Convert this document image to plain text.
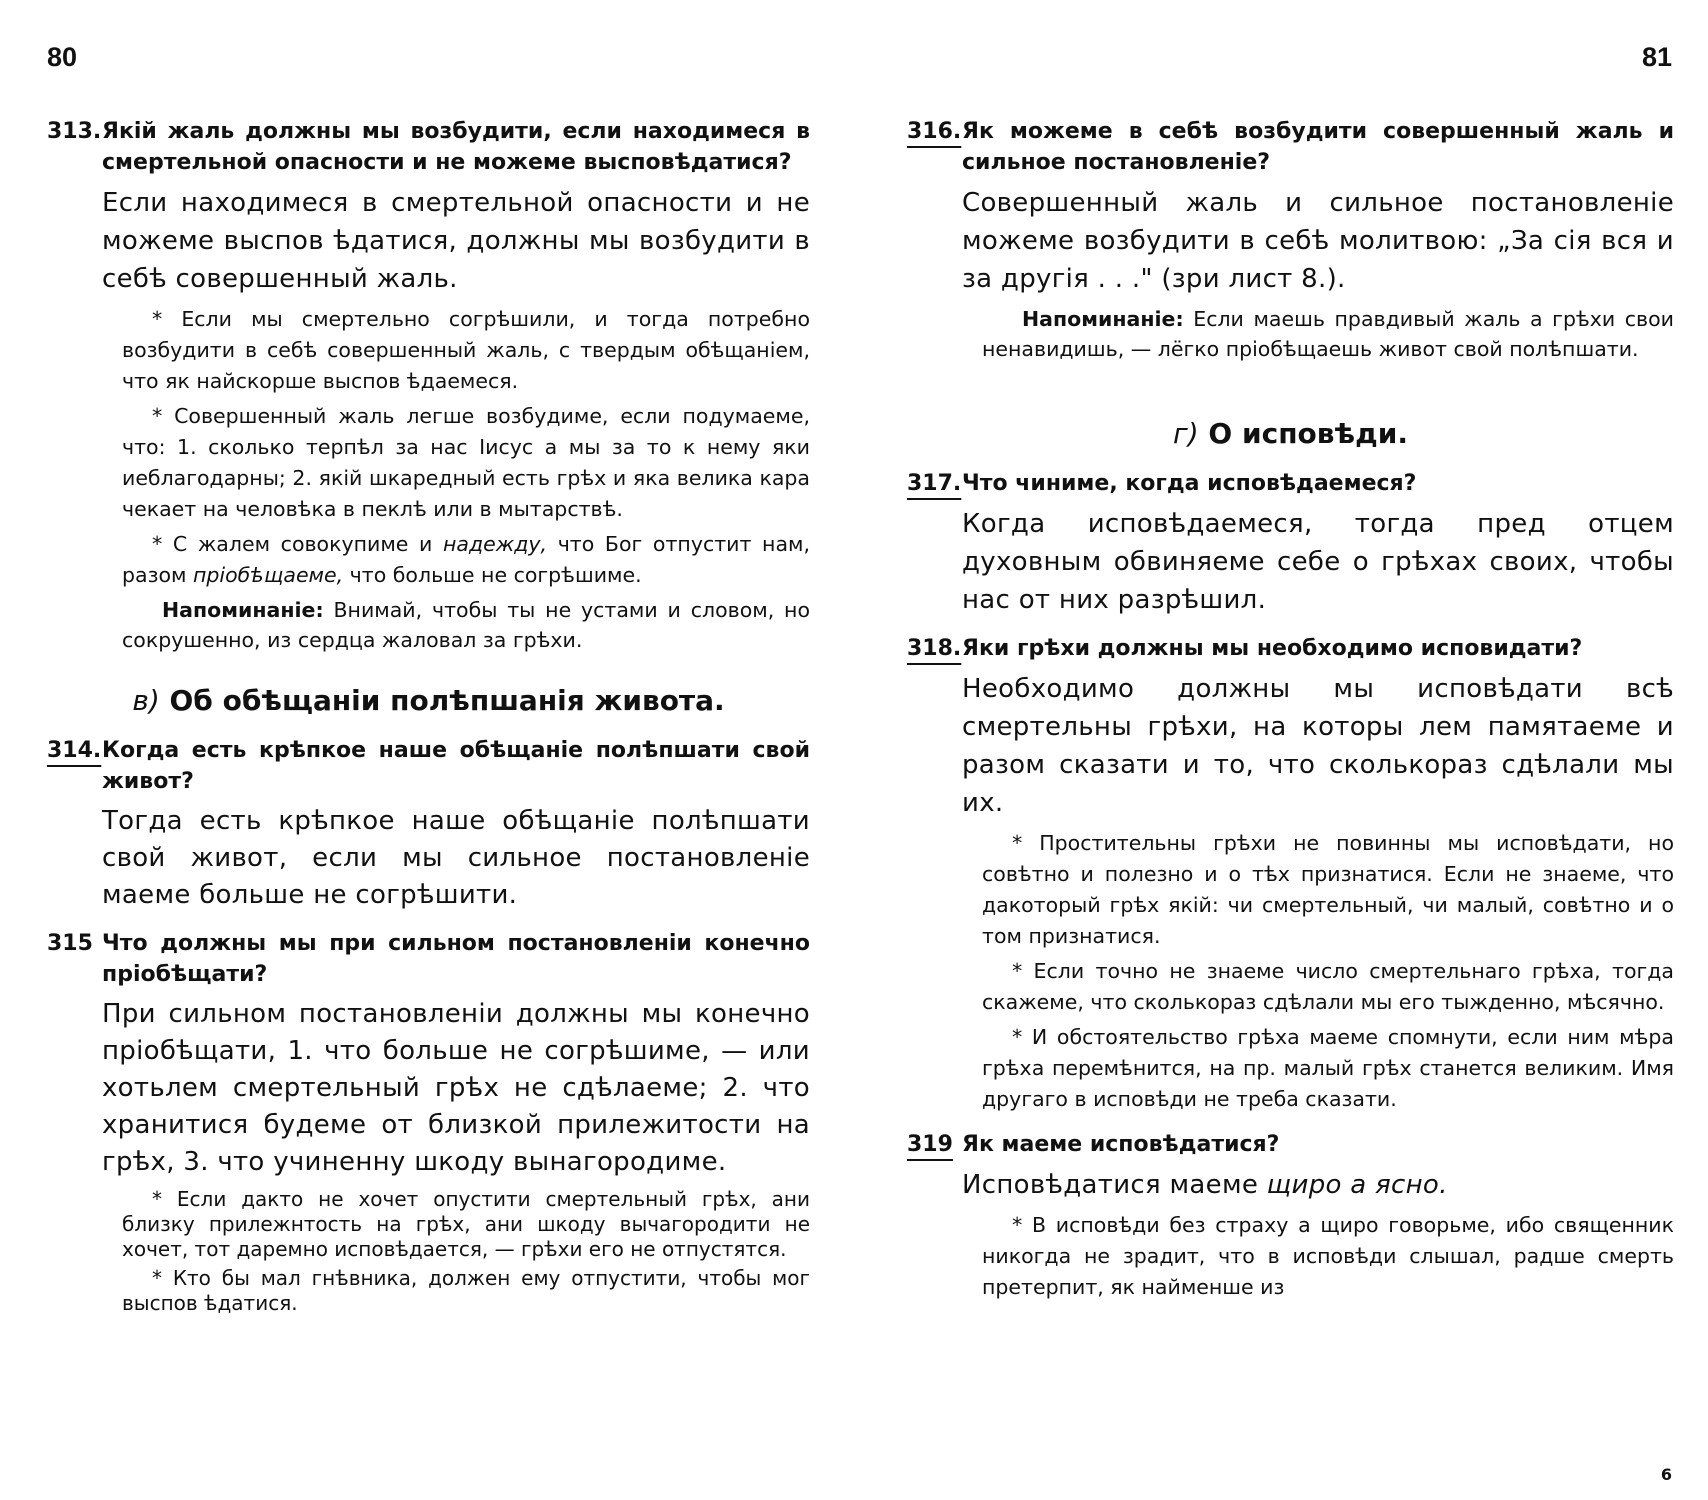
80

313. Якій жаль должны мы возбудити, если находимеся в смертельной опасности и не можеме высповѣдатися?

Если находимеся в смертельной опасности и не можеме выспов ѣдатися, должны мы возбудити в себѣ совершенный жаль.

* Если мы смертельно согрѣшили, и тогда потребно возбудити в себѣ совершенный жаль, с твердым обѣщаніем, что як найскорше выспов ѣдаемеся.

* Совершенный жаль легше возбудиме, если подумаеме, что: 1. сколько терпѣл за нас Іисус а мы за то к нему яки иеблагодарны; 2. якій шкаредный есть грѣх и яка велика кара чекает на человѣка в пеклѣ или в мытарствѣ.

* С жалем совокупиме и надежду, что Бог отпустит нам, разом пріобѣщаеме, что больше не согрѣшиме.

Напоминаніе: Внимай, чтобы ты не устами и словом, но сокрушенно, из сердца жаловал за грѣхи.

в) Об обѣщаніи полѣпшанія живота.

314. Когда есть крѣпкое наше обѣщаніе полѣпшати свой живот?

Тогда есть крѣпкое наше обѣщаніе полѣпшати свой живот, если мы сильное постановленіе маеме больше не согрѣшити.

315 Что должны мы при сильном постановленіи конечно пріобѣщати?

При сильном постановленіи должны мы конечно пріобѣщати, 1. что больше не согрѣшиме, — или хотьлем смертельный грѣх не сдѣлаеме; 2. что хранитися будеме от близкой прилежитости на грѣх, 3. что учиненну шкоду вынагородиме.

* Если дакто не хочет опустити смертельный грѣх, ани близку прилежнтость на грѣх, ани шкоду вычагородити не хочет, тот даремно исповѣдается, — грѣхи его не отпустятся.

* Кто бы мал гнѣвника, должен ему отпустити, чтобы мог выспов ѣдатися.

81

316. Як можеме в себѣ возбудити совершенный жаль и сильное постановленіе?

Совершенный жаль и сильное постановленіе можеме возбудити в себѣ молитвою: „За сія вся и за другія . . ." (зри лист 8.).

Напоминаніе: Если маешь правдивый жаль а грѣхи свои ненавидишь, — лёгко пріобѣщаешь живот свой полѣпшати.

г) О исповѣди.

317. Что чиниме, когда исповѣдаемеся?

Когда исповѣдаемеся, тогда пред отцем духовным обвиняеме себе о грѣхах своих, чтобы нас от них разрѣшил.

318. Яки грѣхи должны мы необходимо исповидати?

Необходимо должны мы исповѣдати всѣ смертельны грѣхи, на которы лем памятаеме и разом сказати и то, что сколькораз сдѣлали мы их.

* Простительны грѣхи не повинны мы исповѣдати, но совѣтно и полезно и о тѣх признатися. Если не знаеме, что дакоторый грѣх якій: чи смертельный, чи малый, совѣтно и о том признатися.

* Если точно не знаеме число смертельнаго грѣха, тогда скажеме, что сколькораз сдѣлали мы его тыжденно, мѣсячно.

* И обстоятельство грѣха маеме спомнути, если ним мѣра грѣха перемѣнится, на пр. малый грѣх станется великим. Имя другаго в исповѣди не треба сказати.

319 Як маеме исповѣдатися?

Исповѣдатися маеме щиро а ясно.

* В исповѣди без страху а щиро говорьме, ибо священник никогда не зрадит, что в исповѣди слышал, радше смерть претерпит, як найменше из

6
